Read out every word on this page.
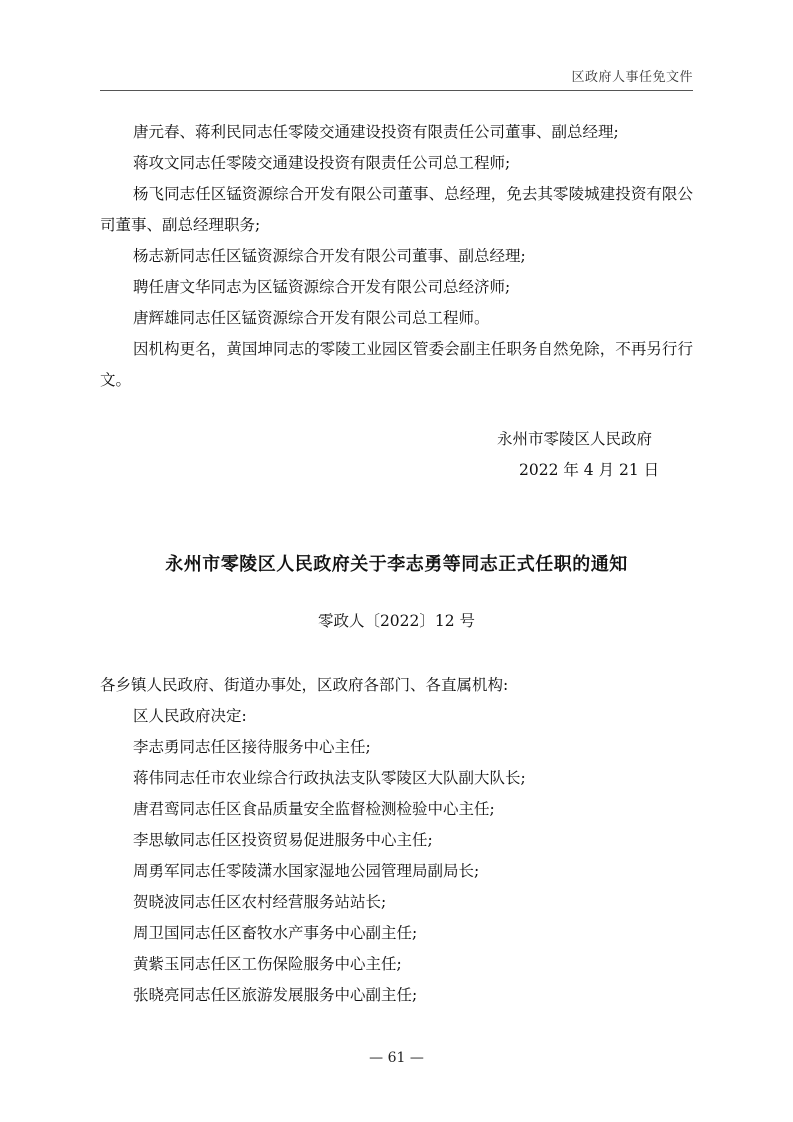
区政府人事任免文件

唐元春、蒋利民同志任零陵交通建设投资有限责任公司董事、副总经理;

蒋攻文同志任零陵交通建设投资有限责任公司总工程师;

杨飞同志任区锰资源综合开发有限公司董事、总经理，免去其零陵城建投资有限公司董事、副总经理职务;

杨志新同志任区锰资源综合开发有限公司董事、副总经理;

聘任唐文华同志为区锰资源综合开发有限公司总经济师;

唐辉雄同志任区锰资源综合开发有限公司总工程师。

因机构更名，黄国坤同志的零陵工业园区管委会副主任职务自然免除，不再另行行文。

永州市零陵区人民政府
2022 年 4 月 21 日
永州市零陵区人民政府关于李志勇等同志正式任职的通知
零政人〔2022〕12 号

各乡镇人民政府、街道办事处，区政府各部门、各直属机构:

区人民政府决定:

李志勇同志任区接待服务中心主任;

蒋伟同志任市农业综合行政执法支队零陵区大队副大队长;

唐君鸾同志任区食品质量安全监督检测检验中心主任;

李思敏同志任区投资贸易促进服务中心主任;

周勇军同志任零陵潇水国家湿地公园管理局副局长;

贺晓波同志任区农村经营服务站站长;

周卫国同志任区畜牧水产事务中心副主任;

黄紫玉同志任区工伤保险服务中心主任;

张晓亮同志任区旅游发展服务中心副主任;

— 61 —
